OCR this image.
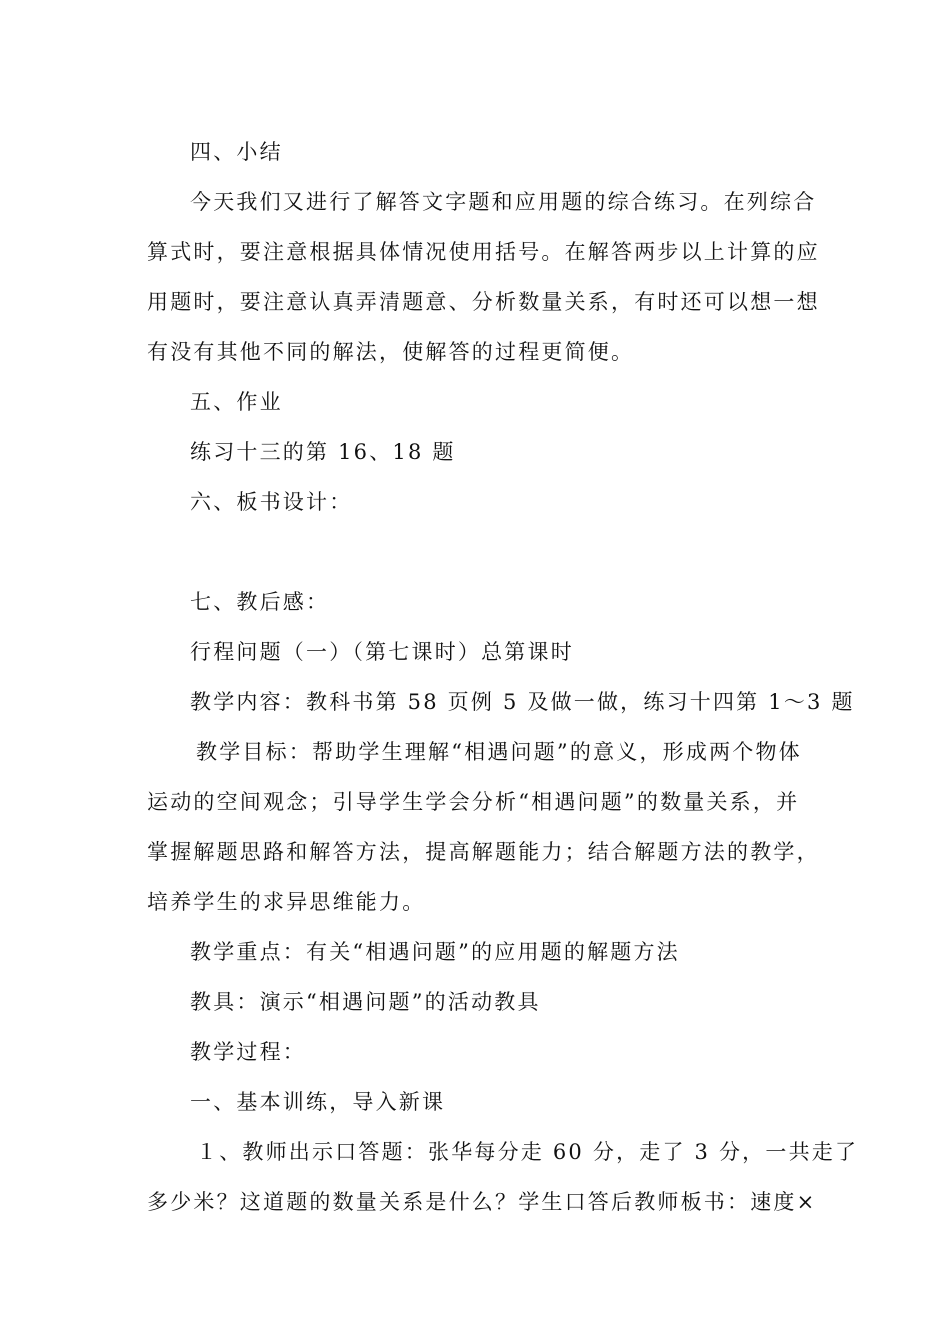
四、小结
今天我们又进行了解答文字题和应用题的综合练习。在列综合
算式时，要注意根据具体情况使用括号。在解答两步以上计算的应
用题时，要注意认真弄清题意、分析数量关系，有时还可以想一想
有没有其他不同的解法，使解答的过程更简便。
五、作业
练习十三的第 16、18 题
六、板书设计：
七、教后感：
行程问题（一）（第七课时）总第课时
教学内容：教科书第 58 页例 5 及做一做，练习十四第 1～3 题
教学目标：帮助学生理解“相遇问题”的意义，形成两个物体
运动的空间观念；引导学生学会分析“相遇问题”的数量关系，并
掌握解题思路和解答方法，提高解题能力；结合解题方法的教学，
培养学生的求异思维能力。
教学重点：有关“相遇问题”的应用题的解题方法
教具：演示“相遇问题”的活动教具
教学过程：
一、基本训练，导入新课
１、教师出示口答题：张华每分走 60 分，走了 3 分，一共走了
多少米？这道题的数量关系是什么？学生口答后教师板书：速度×
